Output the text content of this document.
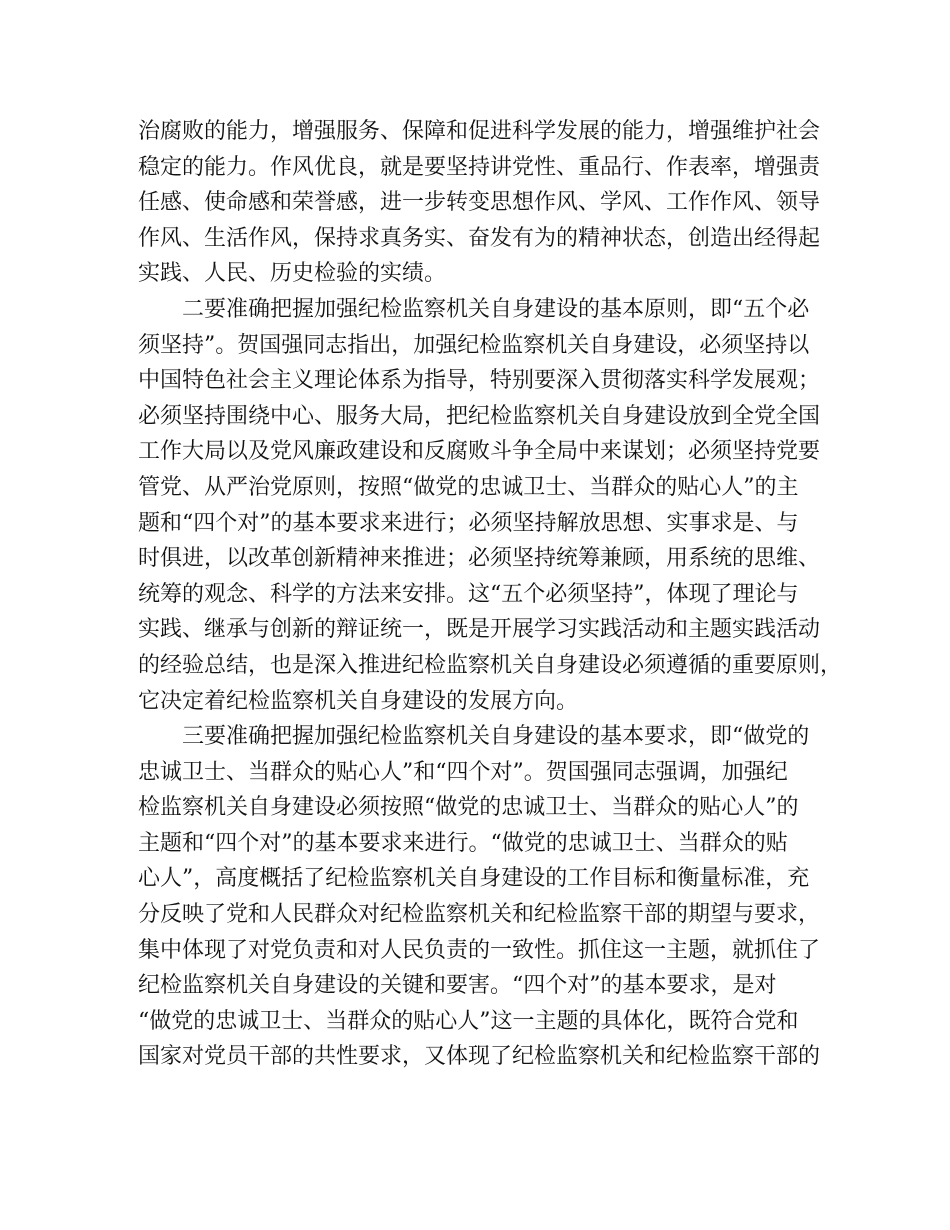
治腐败的能力，增强服务、保障和促进科学发展的能力，增强维护社会
稳定的能力。作风优良，就是要坚持讲党性、重品行、作表率，增强责
任感、使命感和荣誉感，进一步转变思想作风、学风、工作作风、领导
作风、生活作风，保持求真务实、奋发有为的精神状态，创造出经得起
实践、人民、历史检验的实绩。
二要准确把握加强纪检监察机关自身建设的基本原则，即“五个必
须坚持”。贺国强同志指出，加强纪检监察机关自身建设，必须坚持以
中国特色社会主义理论体系为指导，特别要深入贯彻落实科学发展观；
必须坚持围绕中心、服务大局，把纪检监察机关自身建设放到全党全国
工作大局以及党风廉政建设和反腐败斗争全局中来谋划；必须坚持党要
管党、从严治党原则，按照“做党的忠诚卫士、当群众的贴心人”的主
题和“四个对”的基本要求来进行；必须坚持解放思想、实事求是、与
时俱进，以改革创新精神来推进；必须坚持统筹兼顾，用系统的思维、
统筹的观念、科学的方法来安排。这“五个必须坚持”，体现了理论与
实践、继承与创新的辩证统一，既是开展学习实践活动和主题实践活动
的经验总结，也是深入推进纪检监察机关自身建设必须遵循的重要原则，
它决定着纪检监察机关自身建设的发展方向。
三要准确把握加强纪检监察机关自身建设的基本要求，即“做党的
忠诚卫士、当群众的贴心人”和“四个对”。贺国强同志强调，加强纪
检监察机关自身建设必须按照“做党的忠诚卫士、当群众的贴心人”的
主题和“四个对”的基本要求来进行。“做党的忠诚卫士、当群众的贴
心人”，高度概括了纪检监察机关自身建设的工作目标和衡量标准，充
分反映了党和人民群众对纪检监察机关和纪检监察干部的期望与要求，
集中体现了对党负责和对人民负责的一致性。抓住这一主题，就抓住了
纪检监察机关自身建设的关键和要害。“四个对”的基本要求，是对
“做党的忠诚卫士、当群众的贴心人”这一主题的具体化，既符合党和
国家对党员干部的共性要求，又体现了纪检监察机关和纪检监察干部的
